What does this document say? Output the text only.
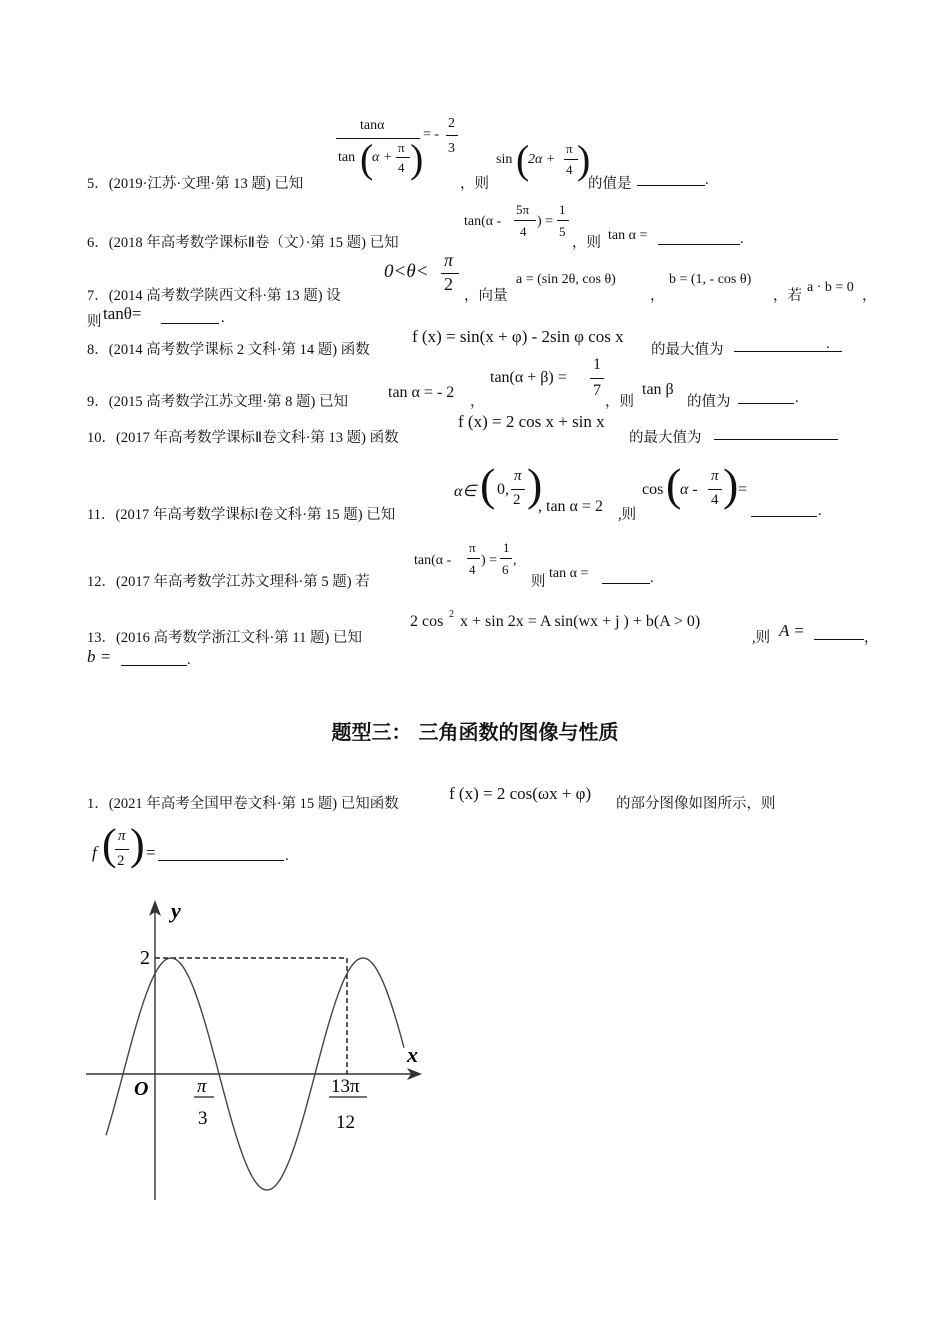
5．(2019·江苏·文理·第 13 题) 已知
tanα
tan (
α +
π
4 )
= -
2
3
，则
sin (
2α +
π
4 )
的值是	.
6．(2018 年高考数学课标Ⅱ卷（文）·第 15 题) 已知
tan(α -
5π
4
) =
1
5
，则 tan α =	.
7．(2014 高考数学陕西文科·第 13 题) 设
0<θ<
π
2
，向量
a = (sin 2θ, cos θ)
，
b = (1, - cos θ)
，若
a · b = 0
，
则 tanθ=	.
8．(2014 高考数学课标 2 文科·第 14 题) 函数
f (x) = sin(x + φ) - 2sin φ cos x
的最大值为	.
9．(2015 高考数学江苏文理·第 8 题) 已知
tan α = - 2
，
tan(α + β) =
1
7
，则
tan β
的值为	.
10．(2017 年高考数学课标Ⅱ卷文科·第 13 题) 函数
f (x) = 2 cos x + sin x
的最大值为
11．(2017 年高考数学课标Ⅰ卷文科·第 15 题) 已知
α∈ ( 0,
π
2 )
, tan α = 2 ,则
cos (
α -
π
4 ) =
.
12．(2017 年高考数学江苏文理科·第 5 题) 若
tan(α -
π
4
) =
1
6
,
则
tan α =	.
13．(2016 高考数学浙江文科·第 11 题) 已知
2 cos 2 x + sin 2x = A sin(wx + j ) + b(A > 0)
,则 A =	，
b =	.
题型三： 三角函数的图像与性质
1．(2021 年高考全国甲卷文科·第 15 题) 已知函数
f (x) = 2 cos(ωx + φ)
的部分图像如图所示，则
f ( π
2 ) =	.
y
x
O
2
π
3
13π
12
